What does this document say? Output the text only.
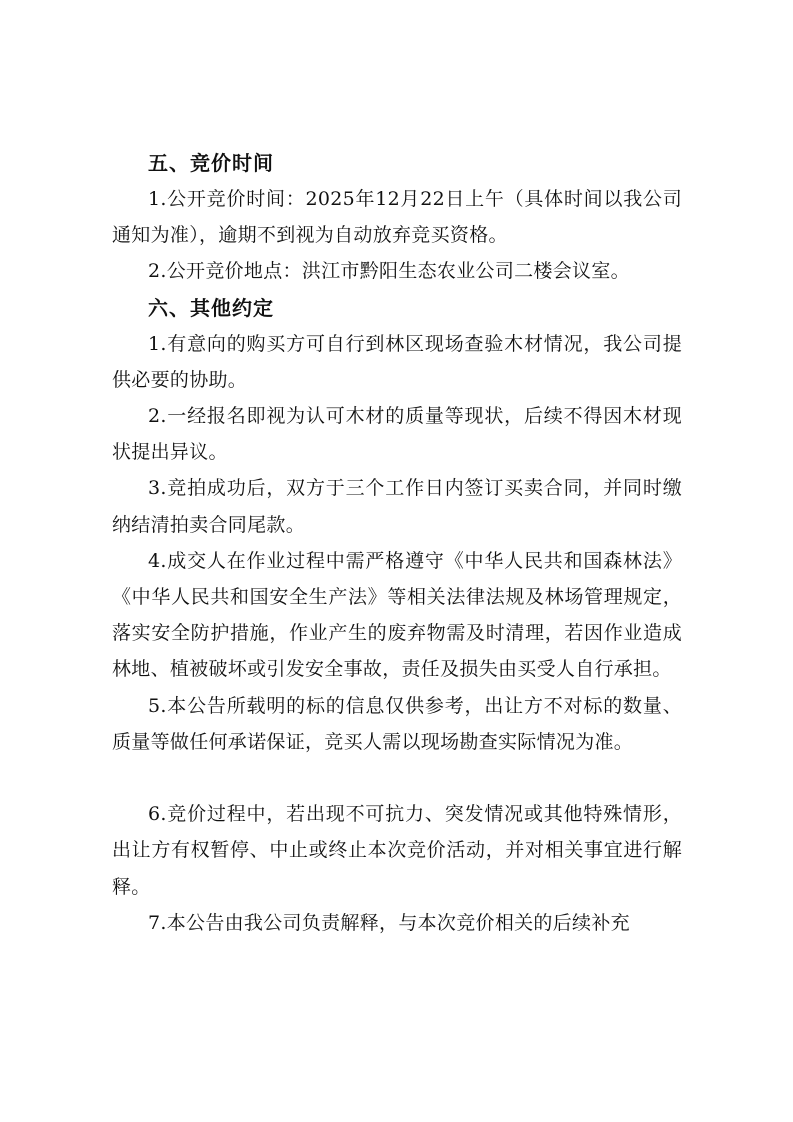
五、竞价时间

1.公开竞价时间：2025年12月22日上午（具体时间以我公司通知为准），逾期不到视为自动放弃竞买资格。

2.公开竞价地点：洪江市黔阳生态农业公司二楼会议室。

六、其他约定

1.有意向的购买方可自行到林区现场查验木材情况，我公司提供必要的协助。

2.一经报名即视为认可木材的质量等现状，后续不得因木材现状提出异议。

3.竞拍成功后，双方于三个工作日内签订买卖合同，并同时缴纳结清拍卖合同尾款。

4.成交人在作业过程中需严格遵守《中华人民共和国森林法》《中华人民共和国安全生产法》等相关法律法规及林场管理规定，落实安全防护措施，作业产生的废弃物需及时清理，若因作业造成林地、植被破坏或引发安全事故，责任及损失由买受人自行承担。

5.本公告所载明的标的信息仅供参考，出让方不对标的数量、质量等做任何承诺保证，竞买人需以现场勘查实际情况为准。

6.竞价过程中，若出现不可抗力、突发情况或其他特殊情形，出让方有权暂停、中止或终止本次竞价活动，并对相关事宜进行解释。

7.本公告由我公司负责解释，与本次竞价相关的后续补充
